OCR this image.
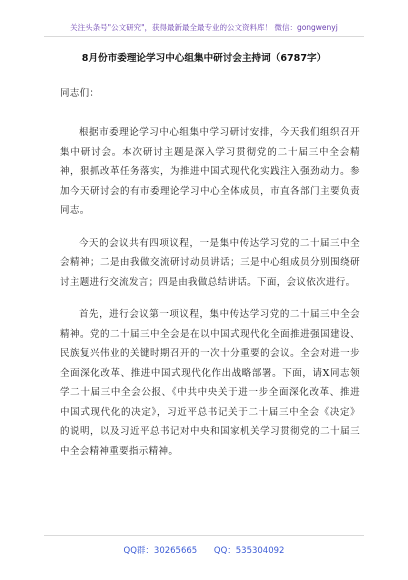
关注头条号"公文研究"，获得最新最全最专业的公文资料库！ 微信：gongwenyj
8月份市委理论学习中心组集中研讨会主持词（6787字）

同志们：

根据市委理论学习中心组集中学习研讨安排，今天我们组织召开集中研讨会。本次研讨主题是深入学习贯彻党的二十届三中全会精神，狠抓改革任务落实，为推进中国式现代化实践注入强劲动力。参加今天研讨会的有市委理论学习中心全体成员，市直各部门主要负责同志。

今天的会议共有四项议程，一是集中传达学习党的二十届三中全会精神；二是由我做交流研讨动员讲话；三是中心组成员分别围绕研讨主题进行交流发言；四是由我做总结讲话。下面，会议依次进行。

首先，进行会议第一项议程，集中传达学习党的二十届三中全会精神。党的二十届三中全会是在以中国式现代化全面推进强国建设、民族复兴伟业的关键时期召开的一次十分重要的会议。全会对进一步全面深化改革、推进中国式现代化作出战略部署。下面，请X同志领学二十届三中全会公报、《中共中央关于进一步全面深化改革、推进中国式现代化的决定》，习近平总书记关于二十届三中全会《决定》的说明，以及习近平总书记对中央和国家机关学习贯彻党的二十届三中全会精神重要指示精神。

QQ群：30265665 QQ：535304092
